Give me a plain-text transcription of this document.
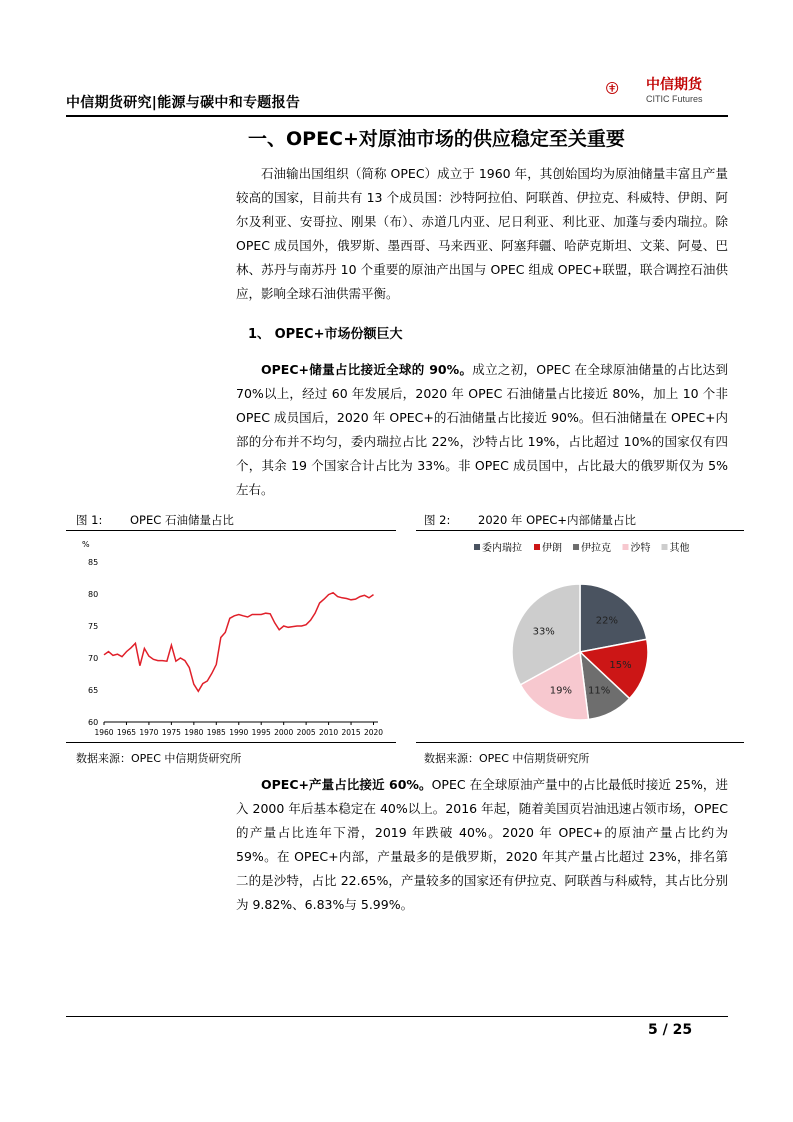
中信期货研究|能源与碳中和专题报告
中信期货
CITIC Futures
一、OPEC+对原油市场的供应稳定至关重要
石油输出国组织（简称 OPEC）成立于 1960 年，其创始国均为原油储量丰富且产量较高的国家，目前共有 13 个成员国：沙特阿拉伯、阿联酋、伊拉克、科威特、伊朗、阿尔及利亚、安哥拉、刚果（布）、赤道几内亚、尼日利亚、利比亚、加蓬与委内瑞拉。除 OPEC 成员国外，俄罗斯、墨西哥、马来西亚、阿塞拜疆、哈萨克斯坦、文莱、阿曼、巴林、苏丹与南苏丹 10 个重要的原油产出国与 OPEC 组成 OPEC+联盟，联合调控石油供应，影响全球石油供需平衡。
1、 OPEC+市场份额巨大
OPEC+储量占比接近全球的 90%。成立之初，OPEC 在全球原油储量的占比达到 70%以上，经过 60 年发展后，2020 年 OPEC 石油储量占比接近 80%，加上 10 个非 OPEC 成员国后，2020 年 OPEC+的石油储量占比接近 90%。但石油储量在 OPEC+内部的分布并不均匀，委内瑞拉占比 22%，沙特占比 19%，占比超过 10%的国家仅有四个，其余 19 个国家合计占比为 33%。非 OPEC 成员国中，占比最大的俄罗斯仅为 5%左右。
图 1: OPEC 石油储量占比
60
65
70
75
80
85
1960 1965 1970 1975 1980 1985 1990 1995 2000 2005 2010 2015 2020
%
数据来源：OPEC 中信期货研究所
图 2: 2020 年 OPEC+内部储量占比
委内瑞拉 伊朗 伊拉克 沙特 其他
22%
15%
11%
19%
33%
数据来源：OPEC 中信期货研究所
OPEC+产量占比接近 60%。OPEC 在全球原油产量中的占比最低时接近 25%，进入 2000 年后基本稳定在 40%以上。2016 年起，随着美国页岩油迅速占领市场，OPEC 的产量占比连年下滑，2019 年跌破 40%。2020 年 OPEC+的原油产量占比约为 59%。在 OPEC+内部，产量最多的是俄罗斯，2020 年其产量占比超过 23%，排名第二的是沙特，占比 22.65%，产量较多的国家还有伊拉克、阿联酋与科威特，其占比分别为 9.82%、6.83%与 5.99%。
5 / 25
